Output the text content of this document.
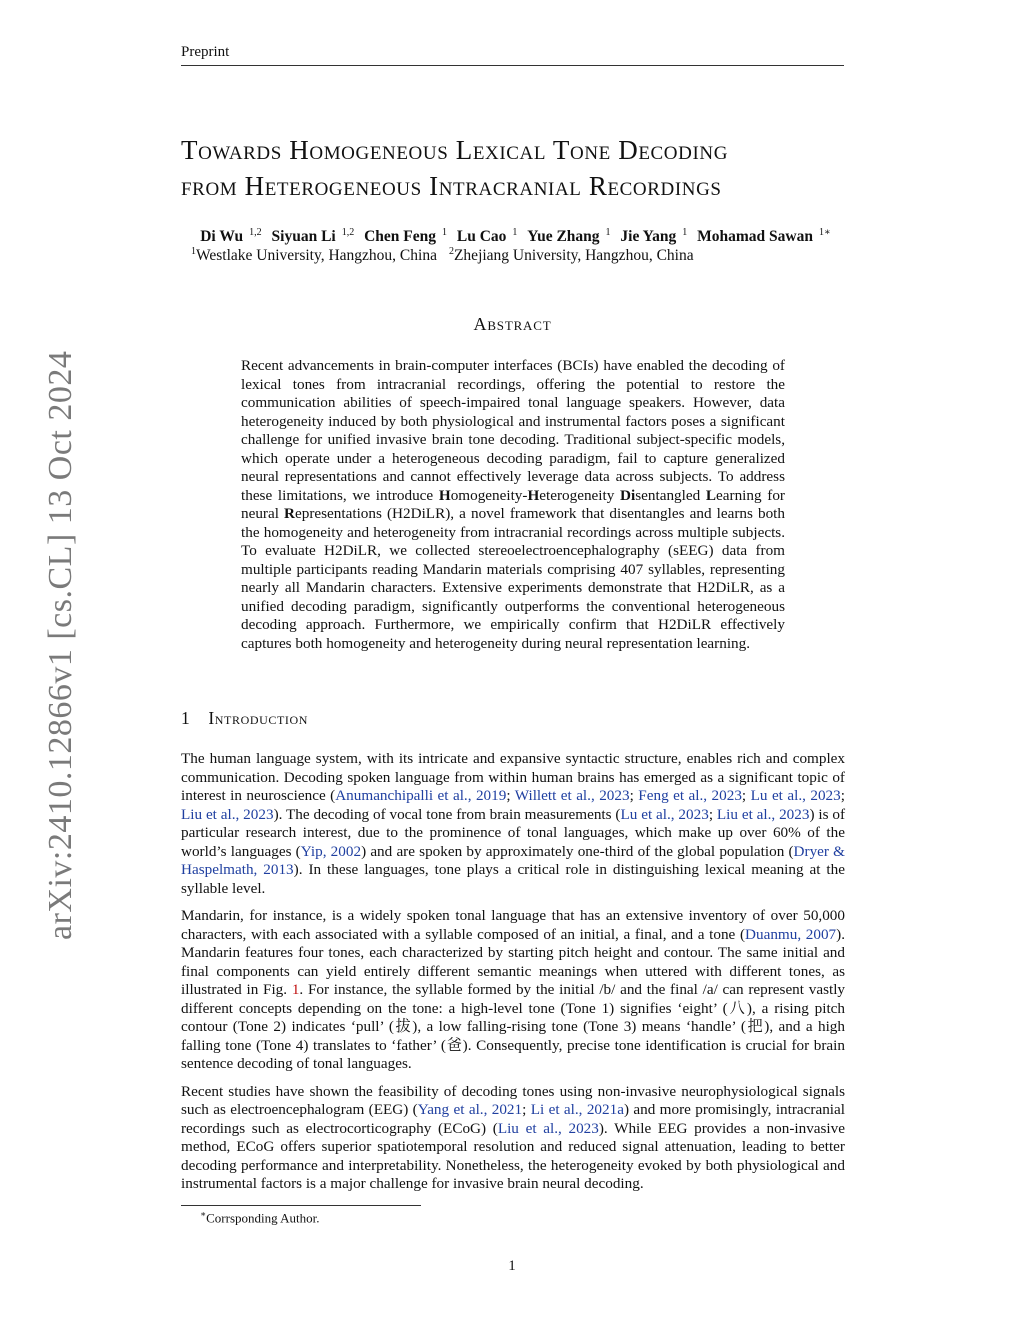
Preprint
arXiv:2410.12866v1 [cs.CL] 13 Oct 2024
Towards Homogeneous Lexical Tone Decoding
from Heterogeneous Intracranial Recordings
Di Wu $^{1,2}$ Siyuan Li $^{1,2}$ Chen Feng $^1$ Lu Cao $^1$ Yue Zhang $^1$ Jie Yang $^1$ Mohamad Sawan $^{1∗}$
$^1$Westlake University, Hangzhou, China $^2$Zhejiang University, Hangzhou, China
Abstract
Recent advancements in brain-computer interfaces (BCIs) have enabled the decoding of lexical tones from intracranial recordings, offering the potential to restore the communication abilities of speech-impaired tonal language speakers. However, data heterogeneity induced by both physiological and instrumental factors poses a significant challenge for unified invasive brain tone decoding. Traditional subject-specific models, which operate under a heterogeneous decoding paradigm, fail to capture generalized neural representations and cannot effectively leverage data across subjects. To address these limitations, we introduce Homogeneity-Heterogeneity Disentangled Learning for neural Representations (H2DiLR), a novel framework that disentangles and learns both the homogeneity and heterogeneity from intracranial recordings across multiple subjects. To evaluate H2DiLR, we collected stereoelectroencephalography (sEEG) data from multiple participants reading Mandarin materials comprising 407 syllables, representing nearly all Mandarin characters. Extensive experiments demonstrate that H2DiLR, as a unified decoding paradigm, significantly outperforms the conventional heterogeneous decoding approach. Furthermore, we empirically confirm that H2DiLR effectively captures both homogeneity and heterogeneity during neural representation learning.
1 Introduction

The human language system, with its intricate and expansive syntactic structure, enables rich and complex communication. Decoding spoken language from within human brains has emerged as a significant topic of interest in neuroscience (Anumanchipalli et al., 2019; Willett et al., 2023; Feng et al., 2023; Lu et al., 2023; Liu et al., 2023). The decoding of vocal tone from brain measurements (Lu et al., 2023; Liu et al., 2023) is of particular research interest, due to the prominence of tonal languages, which make up over 60% of the world’s languages (Yip, 2002) and are spoken by approximately one-third of the global population (Dryer & Haspelmath, 2013). In these languages, tone plays a critical role in distinguishing lexical meaning at the syllable level.

Mandarin, for instance, is a widely spoken tonal language that has an extensive inventory of over 50,000 characters, with each associated with a syllable composed of an initial, a final, and a tone (Duanmu, 2007). Mandarin features four tones, each characterized by starting pitch height and contour. The same initial and final components can yield entirely different semantic meanings when uttered with different tones, as illustrated in Fig. 1. For instance, the syllable formed by the initial /b/ and the final /a/ can represent vastly different concepts depending on the tone: a high-level tone (Tone 1) signifies ‘eight’ (八), a rising pitch contour (Tone 2) indicates ‘pull’ (拔), a low falling-rising tone (Tone 3) means ‘handle’ (把), and a high falling tone (Tone 4) translates to ‘father’ (爸). Consequently, precise tone identification is crucial for brain sentence decoding of tonal languages.

Recent studies have shown the feasibility of decoding tones using non-invasive neurophysiological signals such as electroencephalogram (EEG) (Yang et al., 2021; Li et al., 2021a) and more promisingly, intracranial recordings such as electrocorticography (ECoG) (Liu et al., 2023). While EEG provides a non-invasive method, ECoG offers superior spatiotemporal resolution and reduced signal attenuation, leading to better decoding performance and interpretability. Nonetheless, the heterogeneity evoked by both physiological and instrumental factors is a major challenge for invasive brain neural decoding.

∗Corrsponding Author.
1
